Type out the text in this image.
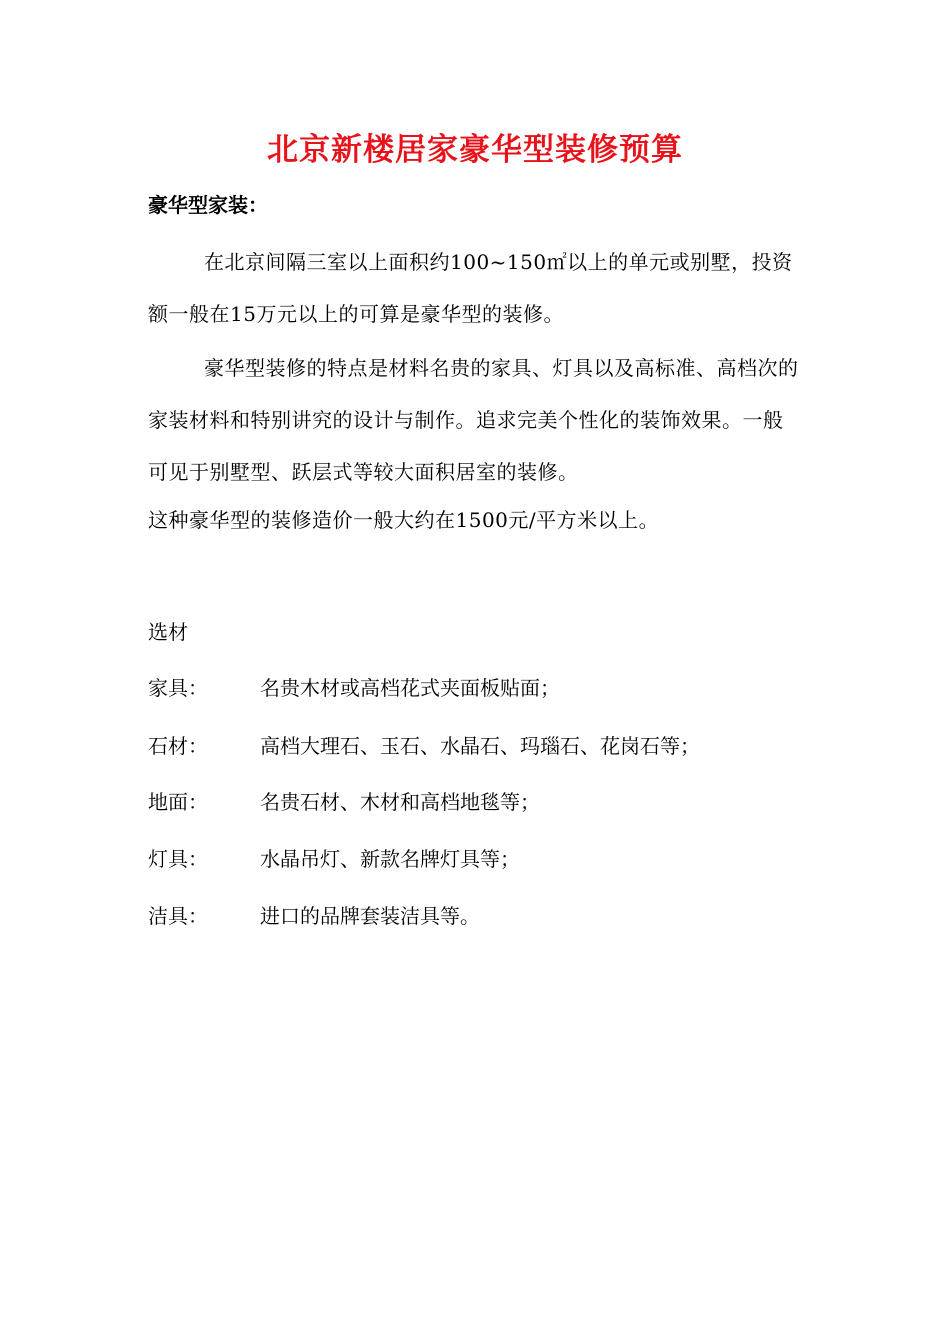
北京新楼居家豪华型装修预算
豪华型家装：
在北京间隔三室以上面积约100~150㎡以上的单元或别墅，投资额一般在15万元以上的可算是豪华型的装修。
豪华型装修的特点是材料名贵的家具、灯具以及高标准、高档次的家装材料和特别讲究的设计与制作。追求完美个性化的装饰效果。一般可见于别墅型、跃层式等较大面积居室的装修。
这种豪华型的装修造价一般大约在1500元/平方米以上。
选材
家具：	名贵木材或高档花式夹面板贴面；
石材：	高档大理石、玉石、水晶石、玛瑙石、花岗石等；
地面：	名贵石材、木材和高档地毯等；
灯具：	水晶吊灯、新款名牌灯具等；
洁具：	进口的品牌套装洁具等。
